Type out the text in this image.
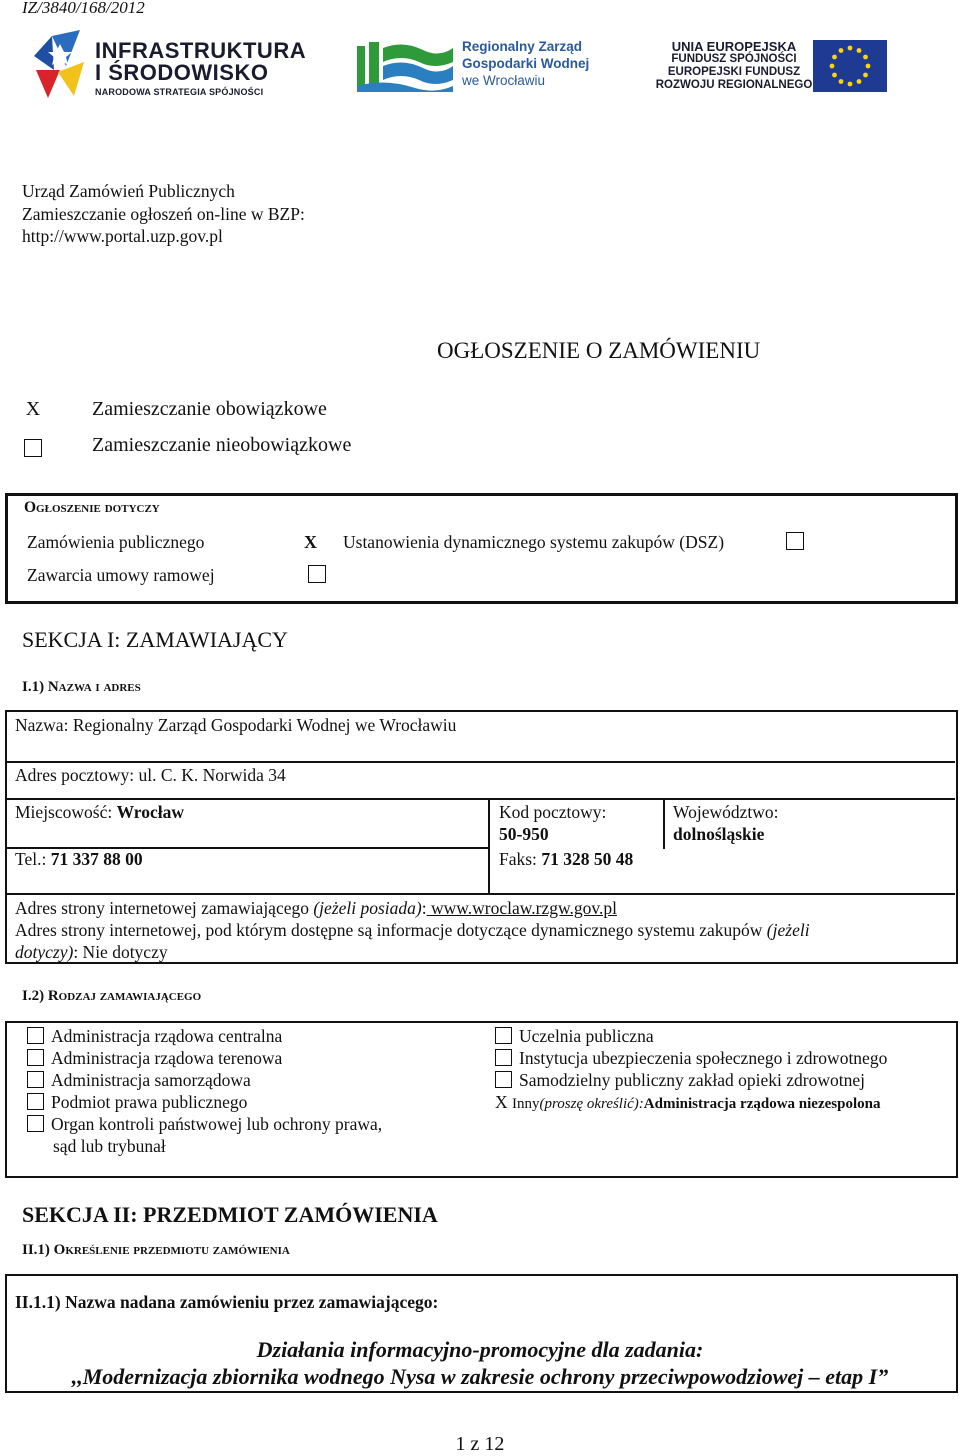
IZ/3840/168/2012
INFRASTRUKTURA
I ŚRODOWISKO
NARODOWA STRATEGIA SPÓJNOŚCI
Regionalny Zarząd
Gospodarki Wodnej
we Wrocławiu
UNIA EUROPEJSKA
FUNDUSZ SPÓJNOŚCI
EUROPEJSKI FUNDUSZ
ROZWOJU REGIONALNEGO
Urząd Zamówień Publicznych
Zamieszczanie ogłoszeń on-line w BZP:
http://www.portal.uzp.gov.pl
OGŁOSZENIE O ZAMÓWIENIU
X	Zamieszczanie obowiązkowe
Zamieszczanie nieobowiązkowe
Ogłoszenie dotyczy
Zamówienia publicznego	X Ustanowienia dynamicznego systemu zakupów (DSZ)
Zawarcia umowy ramowej
SEKCJA I: ZAMAWIAJĄCY
I.1) Nazwa i adres
Nazwa: Regionalny Zarząd Gospodarki Wodnej we Wrocławiu
Adres pocztowy: ul. C. K. Norwida 34
Miejscowość: Wrocław	Kod pocztowy:
50-950
Województwo:
dolnośląskie
Tel.: 71 337 88 00	Faks: 71 328 50 48
Adres strony internetowej zamawiającego (jeżeli posiada): www.wroclaw.rzgw.gov.pl
Adres strony internetowej, pod którym dostępne są informacje dotyczące dynamicznego systemu zakupów (jeżeli
dotyczy): Nie dotyczy
I.2) Rodzaj zamawiającego
Administracja rządowa centralna
Administracja rządowa terenowa
Administracja samorządowa
Podmiot prawa publicznego
Organ kontroli państwowej lub ochrony prawa,
sąd lub trybunał
Uczelnia publiczna
Instytucja ubezpieczenia społecznego i zdrowotnego
Samodzielny publiczny zakład opieki zdrowotnej
X Inny(proszę określić):Administracja rządowa niezespolona
SEKCJA II: PRZEDMIOT ZAMÓWIENIA
II.1) Określenie przedmiotu zamówienia
II.1.1) Nazwa nadana zamówieniu przez zamawiającego:
Działania informacyjno-promocyjne dla zadania:
,,Modernizacja zbiornika wodnego Nysa w zakresie ochrony przeciwpowodziowej – etap I”
1 z 12
